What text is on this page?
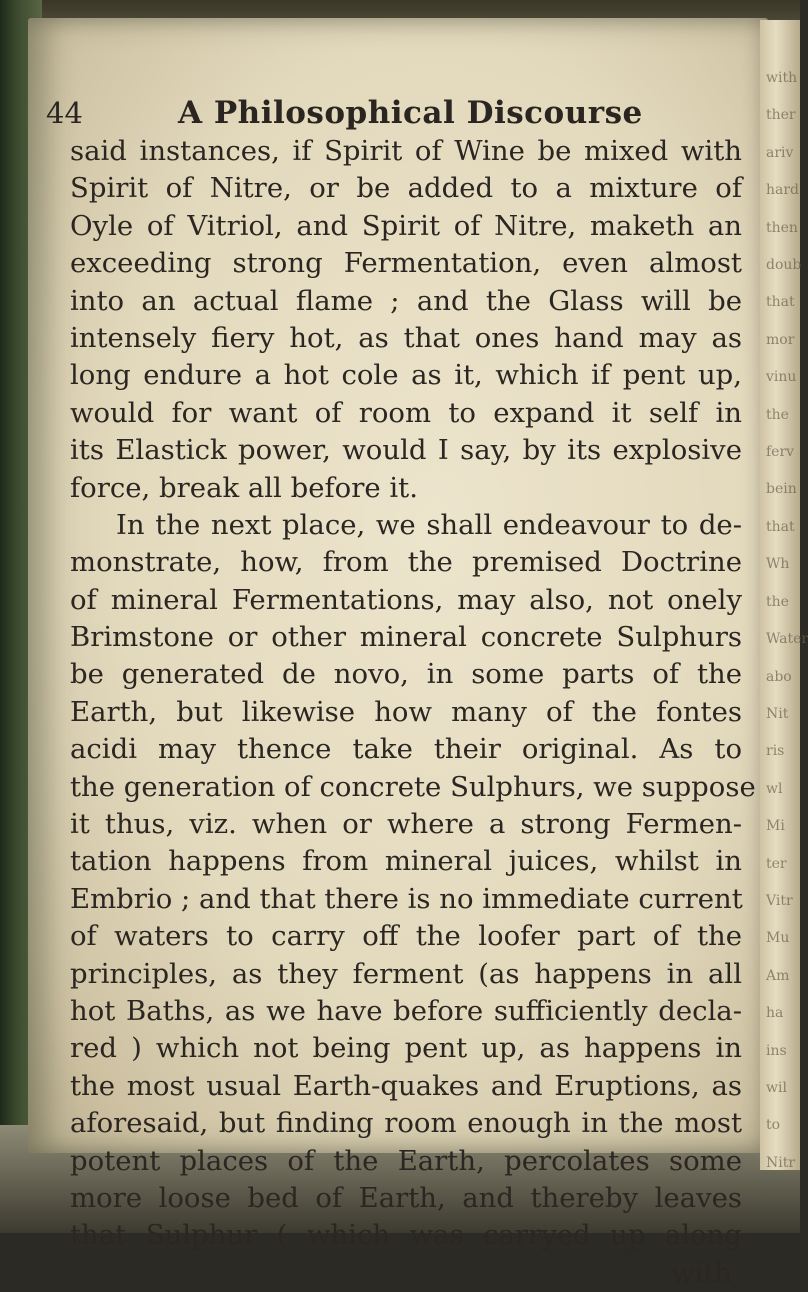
with
ther
ariv
hard
then
doub
that
mor
vinu
the
ferv
bein
that
Wh
the
Water
abo
Nit
ris
wl
Mi
ter
Vitr
Mu
Am
ha
ins
wil
to
Nitr
44	A Philosophical Discourse
said instances, if Spirit of Wine be mixed with
Spirit of Nitre, or be added to a mixture of
Oyle of Vitriol, and Spirit of Nitre, maketh an
exceeding strong Fermentation, even almost
into an actual flame ; and the Glass will be
intensely fiery hot, as that ones hand may as
long endure a hot cole as it, which if pent up,
would for want of room to expand it self in
its Elastick power, would I say, by its explosive
force, break all before it.
In the next place, we shall endeavour to de-
monstrate, how, from the premised Doctrine
of mineral Fermentations, may also, not onely
Brimstone or other mineral concrete Sulphurs
be generated de novo, in some parts of the
Earth, but likewise how many of the fontes
acidi may thence take their original. As to
the generation of concrete Sulphurs, we suppose
it thus, viz. when or where a strong Fermen-
tation happens from mineral juices, whilst in
Embrio ; and that there is no immediate current
of waters to carry off the loofer part of the
principles, as they ferment (as happens in all
hot Baths, as we have before sufficiently decla-
red ) which not being pent up, as happens in
the most usual Earth-quakes and Eruptions, as
aforesaid, but finding room enough in the most
potent places of the Earth, percolates some
more loose bed of Earth, and thereby leaves
that Sulphur ( which was carryed up along
with
